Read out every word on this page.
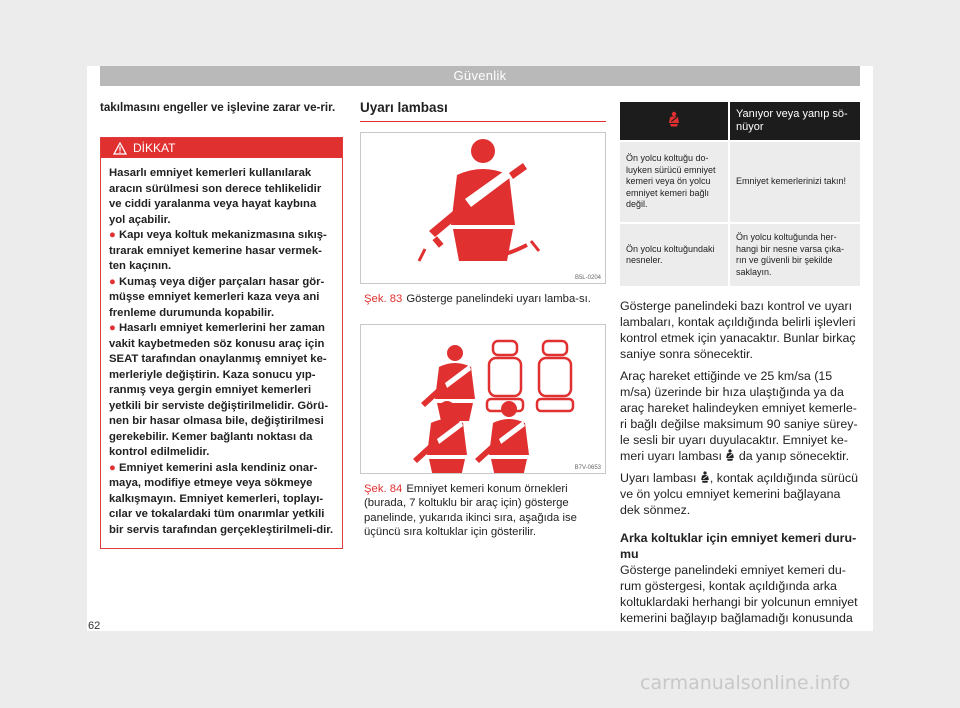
Güvenlik

takılmasını engeller ve işlevine zarar ve-rir.

DİKKAT
Hasarlı emniyet kemerleri kullanılarak aracın sürülmesi son derece tehlikelidir ve ciddi yaralanma veya hayat kaybına yol açabilir.
● Kapı veya koltuk mekanizmasına sıkış-tırarak emniyet kemerine hasar vermek-ten kaçının.
● Kumaş veya diğer parçaları hasar gör-müşse emniyet kemerleri kaza veya ani frenleme durumunda kopabilir.
● Hasarlı emniyet kemerlerini her zaman vakit kaybetmeden söz konusu araç için SEAT tarafından onaylanmış emniyet ke-merleriyle değiştirin. Kaza sonucu yıp-ranmış veya gergin emniyet kemerleri yetkili bir serviste değiştirilmelidir. Görü-nen bir hasar olmasa bile, değiştirilmesi gerekebilir. Kemer bağlantı noktası da kontrol edilmelidir.
● Emniyet kemerini asla kendiniz onar-maya, modifiye etmeye veya sökmeye kalkışmayın. Emniyet kemerleri, toplayı-cılar ve tokalardaki tüm onarımlar yetkili bir servis tarafından gerçekleştirilmeli-dir.
Uyarı lambası
B5L-0204
Şek. 83 Gösterge panelindeki uyarı lamba-sı.
B7V-0653
Şek. 84 Emniyet kemeri konum örnekleri (burada, 7 koltuklu bir araç için) gösterge panelinde, yukarıda ikinci sıra, aşağıda ise üçüncü sıra koltuklar için gösterilir.
	Yanıyor veya yanıp sö-nüyor
Ön yolcu koltuğu do-luyken sürücü emniyet kemeri veya ön yolcu emniyet kemeri bağlı değil.	Emniyet kemerlerinizi takın!
Ön yolcu koltuğundaki nesneler.	Ön yolcu koltuğunda her-hangi bir nesne varsa çıka-rın ve güvenli bir şekilde saklayın.

Gösterge panelindeki bazı kontrol ve uyarı lambaları, kontak açıldığında belirli işlevleri kontrol etmek için yanacaktır. Bunlar birkaç saniye sonra sönecektir.

Araç hareket ettiğinde ve 25 km/sa (15 m/sa) üzerinde bir hıza ulaştığında ya da araç hareket halindeyken emniyet kemerle-ri bağlı değilse maksimum 90 saniye sürey-le sesli bir uyarı duyulacaktır. Emniyet ke-meri uyarı lambası da yanıp sönecektir.

Uyarı lambası , kontak açıldığında sürücü ve ön yolcu emniyet kemerini bağlayana dek sönmez.

Arka koltuklar için emniyet kemeri duru-mu

Gösterge panelindeki emniyet kemeri du-rum göstergesi, kontak açıldığında arka koltuklardaki herhangi bir yolcunun emniyet kemerini bağlayıp bağlamadığı konusunda

62
carmanualsonline.info
